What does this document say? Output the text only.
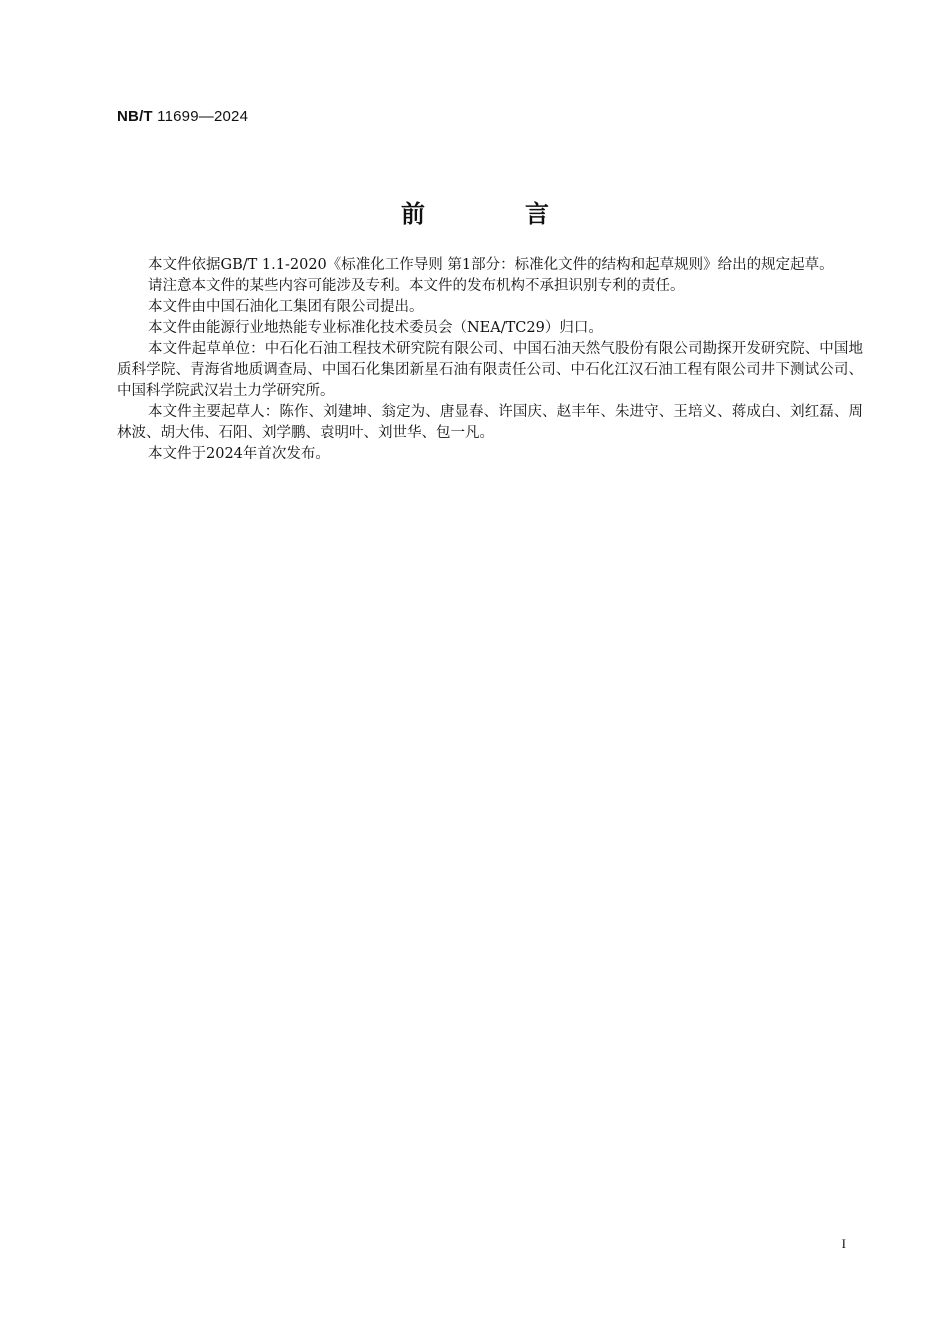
NB/T 11699—2024
前　言

本文件依据GB/T 1.1-2020《标准化工作导则 第1部分：标准化文件的结构和起草规则》给出的规定起草。

请注意本文件的某些内容可能涉及专利。本文件的发布机构不承担识别专利的责任。

本文件由中国石油化工集团有限公司提出。

本文件由能源行业地热能专业标准化技术委员会（NEA/TC29）归口。

本文件起草单位：中石化石油工程技术研究院有限公司、中国石油天然气股份有限公司勘探开发研究院、中国地质科学院、青海省地质调查局、中国石化集团新星石油有限责任公司、中石化江汉石油工程有限公司井下测试公司、中国科学院武汉岩土力学研究所。

本文件主要起草人：陈作、刘建坤、翁定为、唐显春、许国庆、赵丰年、朱进守、王培义、蒋成白、刘红磊、周林波、胡大伟、石阳、刘学鹏、袁明叶、刘世华、包一凡。

本文件于2024年首次发布。

I
